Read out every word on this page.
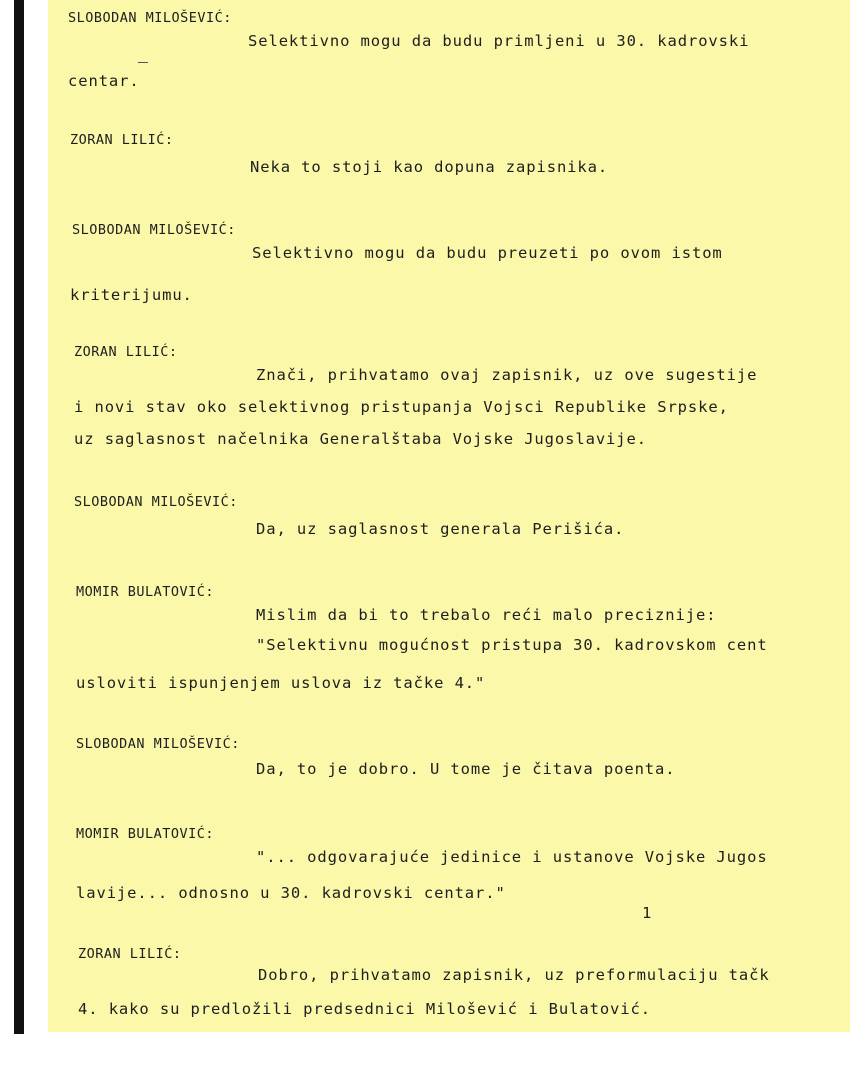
SLOBODAN MILOŠEVIĆ:
Selektivno mogu da budu primljeni u 30. kadrovski
centar.
ZORAN LILIĆ:
Neka to stoji kao dopuna zapisnika.
SLOBODAN MILOŠEVIĆ:
Selektivno mogu da budu preuzeti po ovom istom
kriterijumu.
ZORAN LILIĆ:
Znači, prihvatamo ovaj zapisnik, uz ove sugestije
i novi stav oko selektivnog pristupanja Vojsci Republike Srpske,
uz saglasnost načelnika Generalštaba Vojske Jugoslavije.
SLOBODAN MILOŠEVIĆ:
Da, uz saglasnost generala Perišića.
MOMIR BULATOVIĆ:
Mislim da bi to trebalo reći malo preciznije:
"Selektivnu mogućnost pristupa 30. kadrovskom cent
usloviti ispunjenjem uslova iz tačke 4."
SLOBODAN MILOŠEVIĆ:
Da, to je dobro. U tome je čitava poenta.
MOMIR BULATOVIĆ:
"... odgovarajuće jedinice i ustanove Vojske Jugos
lavije... odnosno u 30. kadrovski centar."
1
ZORAN LILIĆ:
Dobro, prihvatamo zapisnik, uz preformulaciju tačk
4. kako su predložili predsednici Milošević i Bulatović.
